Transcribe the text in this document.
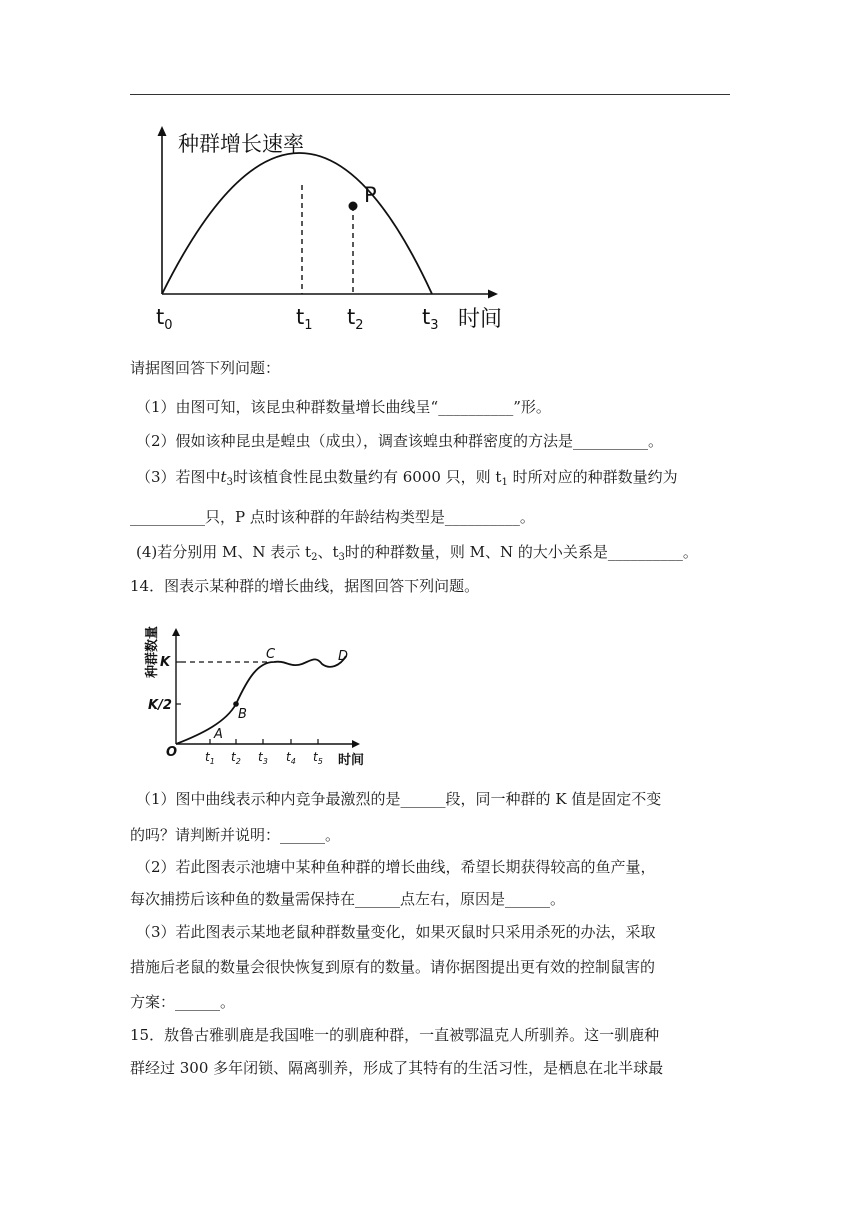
P
种群增长速率
$t_0$	$t_1$ $t_2$	$t_3$ 时间
请据图回答下列问题：
（1）由图可知，该昆虫种群数量增长曲线呈“__________”形。
（2）假如该种昆虫是蝗虫（成虫），调查该蝗虫种群密度的方法是__________。
（3）若图中$t_3$时该植食性昆虫数量约有 6000 只，则 $t_1$ 时所对应的种群数量约为
__________只，P 点时该种群的年龄结构类型是__________。
(4)若分别用 M、N 表示 $t_2$、$t_3$时的种群数量，则 M、N 的大小关系是__________。
14．图表示某种群的增长曲线，据图回答下列问题。
种群数量 K
K/2
O
A
B
C	D
$t_1$ $t_2$ $t_3$ $t_4$ $t_5$ 时间
（1）图中曲线表示种内竞争最激烈的是______段，同一种群的 K 值是固定不变
的吗？请判断并说明：______。
（2）若此图表示池塘中某种鱼种群的增长曲线，希望长期获得较高的鱼产量，
每次捕捞后该种鱼的数量需保持在______点左右，原因是______。
（3）若此图表示某地老鼠种群数量变化，如果灭鼠时只采用杀死的办法，采取
措施后老鼠的数量会很快恢复到原有的数量。请你据图提出更有效的控制鼠害的
方案：______。
15．敖鲁古雅驯鹿是我国唯一的驯鹿种群，一直被鄂温克人所驯养。这一驯鹿种
群经过 300 多年闭锁、隔离驯养，形成了其特有的生活习性，是栖息在北半球最
